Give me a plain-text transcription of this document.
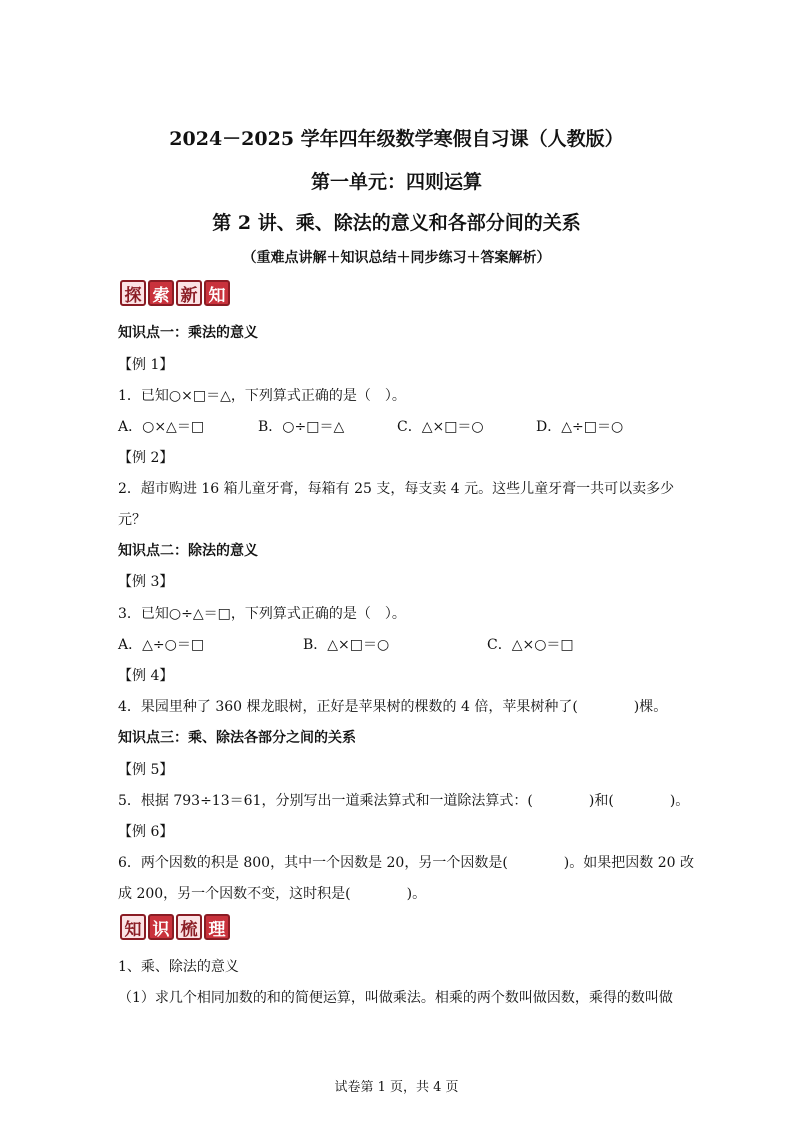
2024－2025 学年四年级数学寒假自习课（人教版）
第一单元：四则运算
第 2 讲、乘、除法的意义和各部分间的关系
（重难点讲解＋知识总结＋同步练习＋答案解析）
探 索 新 知
知识点一：乘法的意义
【例 1】
1．已知○×□＝△，下列算式正确的是（　）。
A．○×△＝□	B．○÷□＝△	C．△×□＝○	D．△÷□＝○
【例 2】
2．超市购进 16 箱儿童牙膏，每箱有 25 支，每支卖 4 元。这些儿童牙膏一共可以卖多少
元？
知识点二：除法的意义
【例 3】
3．已知○÷△＝□，下列算式正确的是（　）。
A．△÷○＝□	B．△×□＝○	C．△×○＝□
【例 4】
4．果园里种了 360 棵龙眼树，正好是苹果树的棵数的 4 倍，苹果树种了(　　　　)棵。
知识点三：乘、除法各部分之间的关系
【例 5】
5．根据 793÷13＝61，分别写出一道乘法算式和一道除法算式：(　　　　)和(　　　　)。
【例 6】
6．两个因数的积是 800，其中一个因数是 20，另一个因数是(　　　　)。如果把因数 20 改
成 200，另一个因数不变，这时积是(　　　　)。
知 识 梳 理
1、乘、除法的意义
（1）求几个相同加数的和的简便运算，叫做乘法。相乘的两个数叫做因数，乘得的数叫做
试卷第 1 页，共 4 页
